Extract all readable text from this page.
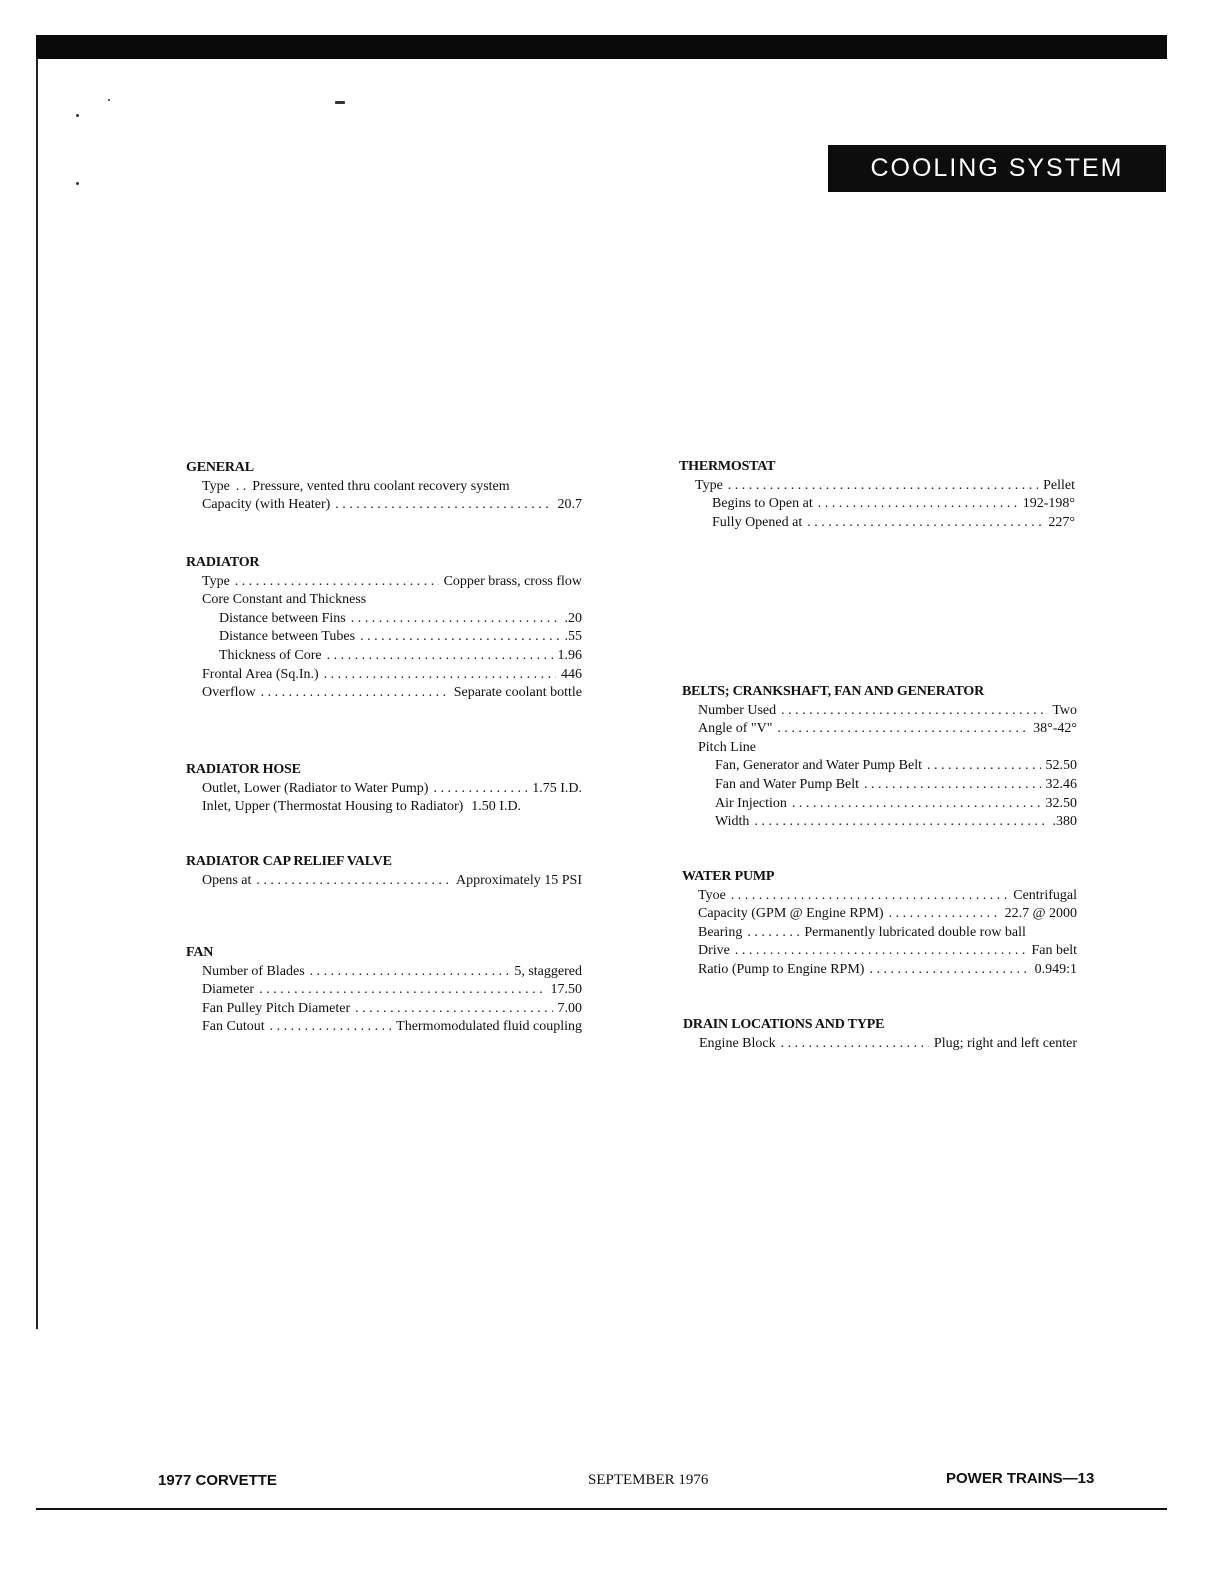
COOLING SYSTEM
GENERAL
Type . . Pressure, vented thru coolant recovery system
Capacity (with Heater) . . .	20.7
RADIATOR
Type . . .	Copper brass, cross flow
Core Constant and Thickness
Distance between Fins . . .	.20
Distance between Tubes . . .	.55
Thickness of Core . . .	1.96
Frontal Area (Sq.In.) . . .	446
Overflow . . .	Separate coolant bottle
RADIATOR HOSE
Outlet, Lower (Radiator to Water Pump) . . .	1.75 I.D.
Inlet, Upper (Thermostat Housing to Radiator) 1.50 I.D.
RADIATOR CAP RELIEF VALVE
Opens at . . .	Approximately 15 PSI
FAN
Number of Blades . . .	5, staggered
Diameter . . .	17.50
Fan Pulley Pitch Diameter . . .	7.00
Fan Cutout . . .	Thermomodulated fluid coupling
THERMOSTAT
Type . . .	Pellet
Begins to Open at . . .	192-198°
Fully Opened at . . .	227°
BELTS; CRANKSHAFT, FAN AND GENERATOR
Number Used . . .	Two
Angle of "V" . . .	38°-42°
Pitch Line
Fan, Generator and Water Pump Belt . . .	52.50
Fan and Water Pump Belt . . .	32.46
Air Injection . . .	32.50
Width . . .	.380
WATER PUMP
Tyoe . . .	Centrifugal
Capacity (GPM @ Engine RPM) . . .	22.7 @ 2000
Bearing . . .	Permanently lubricated double row ball
Drive . . .	Fan belt
Ratio (Pump to Engine RPM) . . .	0.949:1
DRAIN LOCATIONS AND TYPE
Engine Block . . .	Plug; right and left center
1977 CORVETTE	SEPTEMBER 1976	POWER TRAINS—13
